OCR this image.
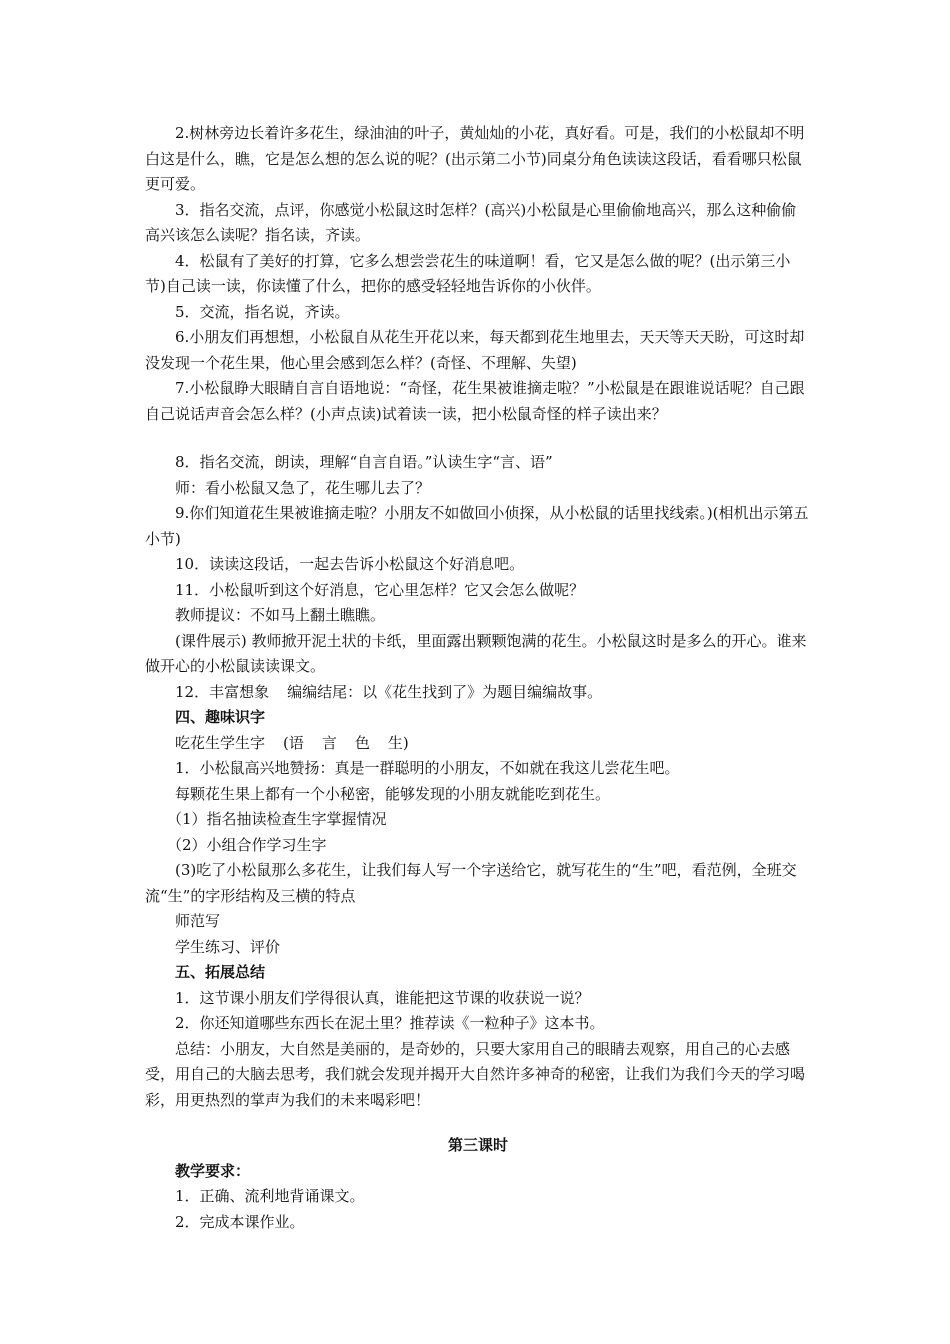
2.树林旁边长着许多花生，绿油油的叶子，黄灿灿的小花，真好看。可是，我们的小松鼠却不明白这是什么，瞧，它是怎么想的怎么说的呢？(出示第二小节)同桌分角色读读这段话，看看哪只松鼠更可爱。

3．指名交流，点评，你感觉小松鼠这时怎样？(高兴)小松鼠是心里偷偷地高兴，那么这种偷偷高兴该怎么读呢？指名读，齐读。

4．松鼠有了美好的打算，它多么想尝尝花生的味道啊！看，它又是怎么做的呢？(出示第三小节)自己读一读，你读懂了什么，把你的感受轻轻地告诉你的小伙伴。

5．交流，指名说，齐读。

6.小朋友们再想想，小松鼠自从花生开花以来，每天都到花生地里去，天天等天天盼，可这时却没发现一个花生果，他心里会感到怎么样？(奇怪、不理解、失望)

7.小松鼠睁大眼睛自言自语地说：“奇怪，花生果被谁摘走啦？”小松鼠是在跟谁说话呢？自己跟自己说话声音会怎么样？(小声点读)试着读一读，把小松鼠奇怪的样子读出来？

8．指名交流，朗读，理解“自言自语。”认读生字“言、语”

师：看小松鼠又急了，花生哪儿去了？

9.你们知道花生果被谁摘走啦？小朋友不如做回小侦探，从小松鼠的话里找线索。)(相机出示第五小节)

10．读读这段话，一起去告诉小松鼠这个好消息吧。

11．小松鼠听到这个好消息，它心里怎样？它又会怎么做呢？

教师提议：不如马上翻土瞧瞧。

(课件展示) 教师掀开泥土状的卡纸，里面露出颗颗饱满的花生。小松鼠这时是多么的开心。谁来做开心的小松鼠读读课文。

12．丰富想象 编编结尾：以《花生找到了》为题目编编故事。

四、趣味识字

吃花生学生字 (语 言 色 生)

1．小松鼠高兴地赞扬：真是一群聪明的小朋友，不如就在我这儿尝花生吧。

每颗花生果上都有一个小秘密，能够发现的小朋友就能吃到花生。

（1）指名抽读检查生字掌握情况

（2）小组合作学习生字

(3)吃了小松鼠那么多花生，让我们每人写一个字送给它，就写花生的“生”吧，看范例，全班交流“生”的字形结构及三横的特点

师范写

学生练习、评价

五、拓展总结

1．这节课小朋友们学得很认真，谁能把这节课的收获说一说？

2．你还知道哪些东西长在泥土里？推荐读《一粒种子》这本书。

总结：小朋友，大自然是美丽的，是奇妙的，只要大家用自己的眼睛去观察，用自己的心去感受，用自己的大脑去思考，我们就会发现并揭开大自然许多神奇的秘密，让我们为我们今天的学习喝彩，用更热烈的掌声为我们的未来喝彩吧！

第三课时

教学要求：

1．正确、流利地背诵课文。

2．完成本课作业。
